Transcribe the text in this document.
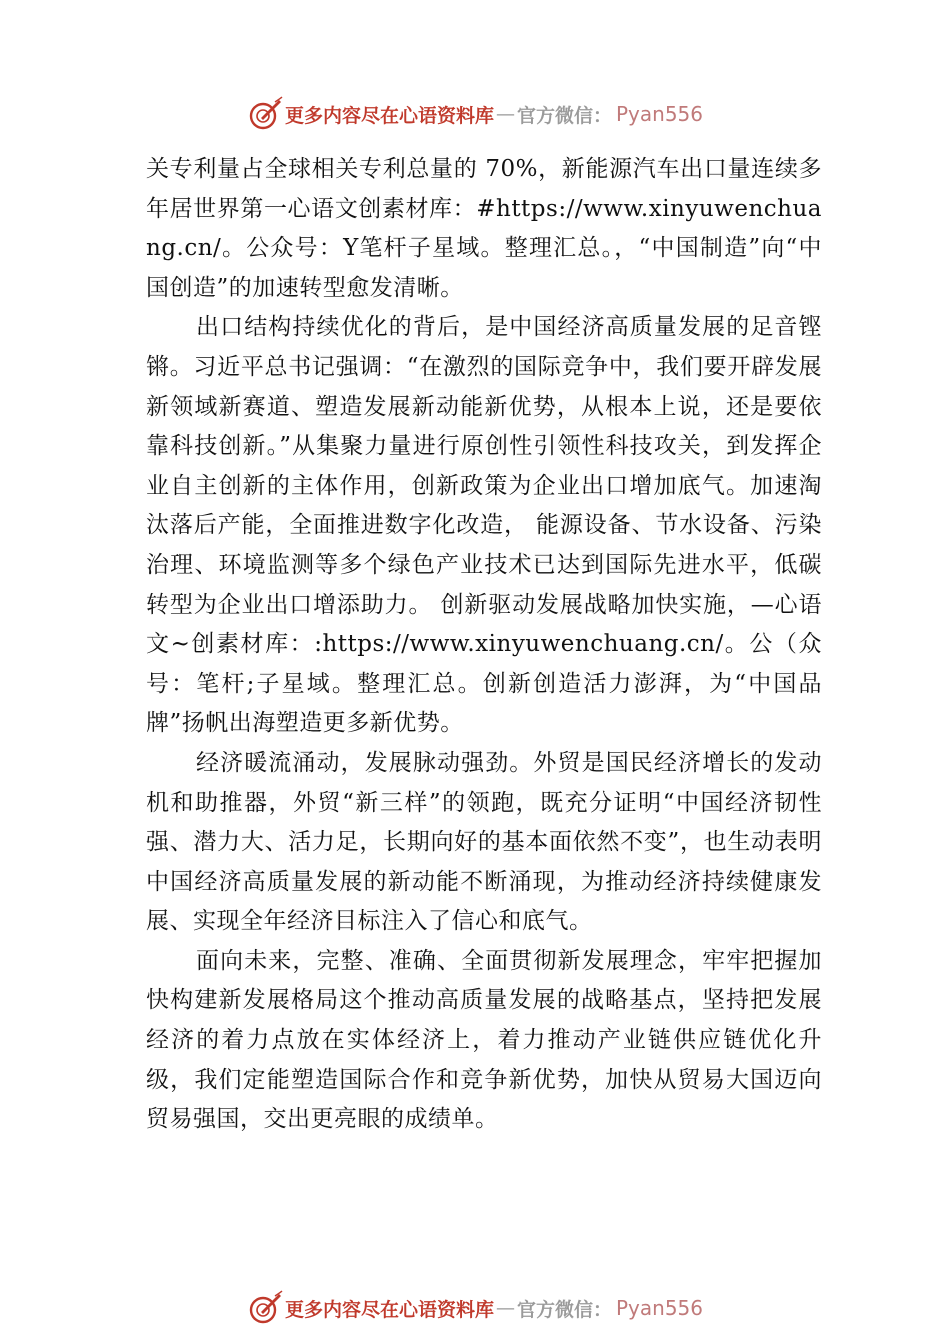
更多内容尽在心语资料库 — 官方微信： Pyan556

关专利量占全球相关专利总量的 70%，新能源汽车出口量连续多年居世界第一心语文创素材库：#https://www.xinyuwenchuang.cn/。公众号：Y笔杆子星域。整理汇总。，“中国制造”向“中国创造”的加速转型愈发清晰。

出口结构持续优化的背后，是中国经济高质量发展的足音铿锵。习近平总书记强调：“在激烈的国际竞争中，我们要开辟发展新领域新赛道、塑造发展新动能新优势，从根本上说，还是要依靠科技创新。”从集聚力量进行原创性引领性科技攻关，到发挥企业自主创新的主体作用，创新政策为企业出口增加底气。加速淘汰落后产能，全面推进数字化改造， 能源设备、节水设备、污染治理、环境监测等多个绿色产业技术已达到国际先进水平，低碳转型为企业出口增添助力。 创新驱动发展战略加快实施，—心语文~创素材库：:https://www.xinyuwenchuang.cn/。公（众号：笔杆;子星域。整理汇总。创新创造活力澎湃，为“中国品牌”扬帆出海塑造更多新优势。

经济暖流涌动，发展脉动强劲。外贸是国民经济增长的发动机和助推器，外贸“新三样”的领跑，既充分证明“中国经济韧性强、潜力大、活力足，长期向好的基本面依然不变”，也生动表明中国经济高质量发展的新动能不断涌现，为推动经济持续健康发展、实现全年经济目标注入了信心和底气。

面向未来，完整、准确、全面贯彻新发展理念，牢牢把握加快构建新发展格局这个推动高质量发展的战略基点，坚持把发展经济的着力点放在实体经济上，着力推动产业链供应链优化升级，我们定能塑造国际合作和竞争新优势，加快从贸易大国迈向贸易强国，交出更亮眼的成绩单。

更多内容尽在心语资料库 — 官方微信： Pyan556
